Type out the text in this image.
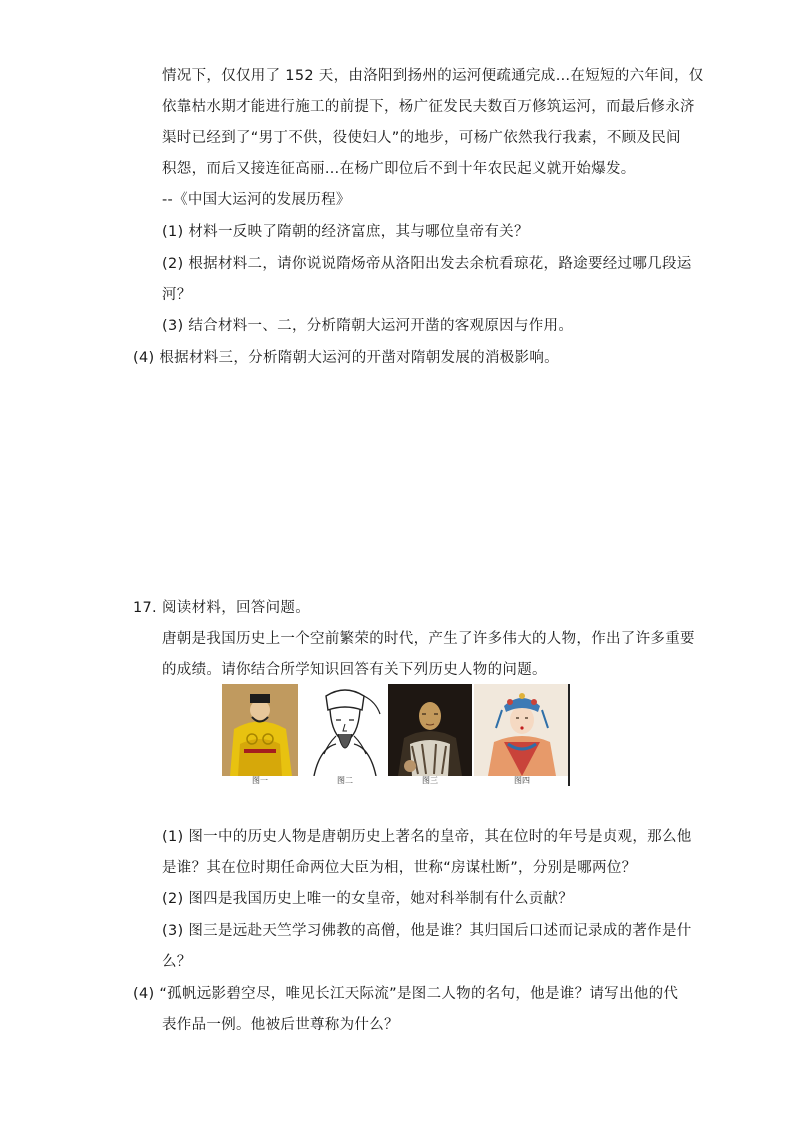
情况下，仅仅用了 152 天，由洛阳到扬州的运河便疏通完成…在短短的六年间，仅
依靠枯水期才能进行施工的前提下，杨广征发民夫数百万修筑运河，而最后修永济
渠时已经到了“男丁不供，役使妇人”的地步，可杨广依然我行我素，不顾及民间
积怨，而后又接连征高丽…在杨广即位后不到十年农民起义就开始爆发。
--《中国大运河的发展历程》
(1) 材料一反映了隋朝的经济富庶，其与哪位皇帝有关？
(2) 根据材料二，请你说说隋炀帝从洛阳出发去余杭看琼花，路途要经过哪几段运
河？
(3) 结合材料一、二，分析隋朝大运河开凿的客观原因与作用。
(4) 根据材料三，分析隋朝大运河的开凿对隋朝发展的消极影响。
17. 阅读材料，回答问题。
唐朝是我国历史上一个空前繁荣的时代，产生了许多伟大的人物，作出了许多重要
的成绩。请你结合所学知识回答有关下列历史人物的问题。
图一	图二	图三	图四
(1) 图一中的历史人物是唐朝历史上著名的皇帝，其在位时的年号是贞观，那么他
是谁？其在位时期任命两位大臣为相，世称“房谋杜断”，分别是哪两位？
(2) 图四是我国历史上唯一的女皇帝，她对科举制有什么贡献？
(3) 图三是远赴天竺学习佛教的高僧，他是谁？其归国后口述而记录成的著作是什
么？
(4) “孤帆远影碧空尽，唯见长江天际流”是图二人物的名句，他是谁？请写出他的代
表作品一例。他被后世尊称为什么？
